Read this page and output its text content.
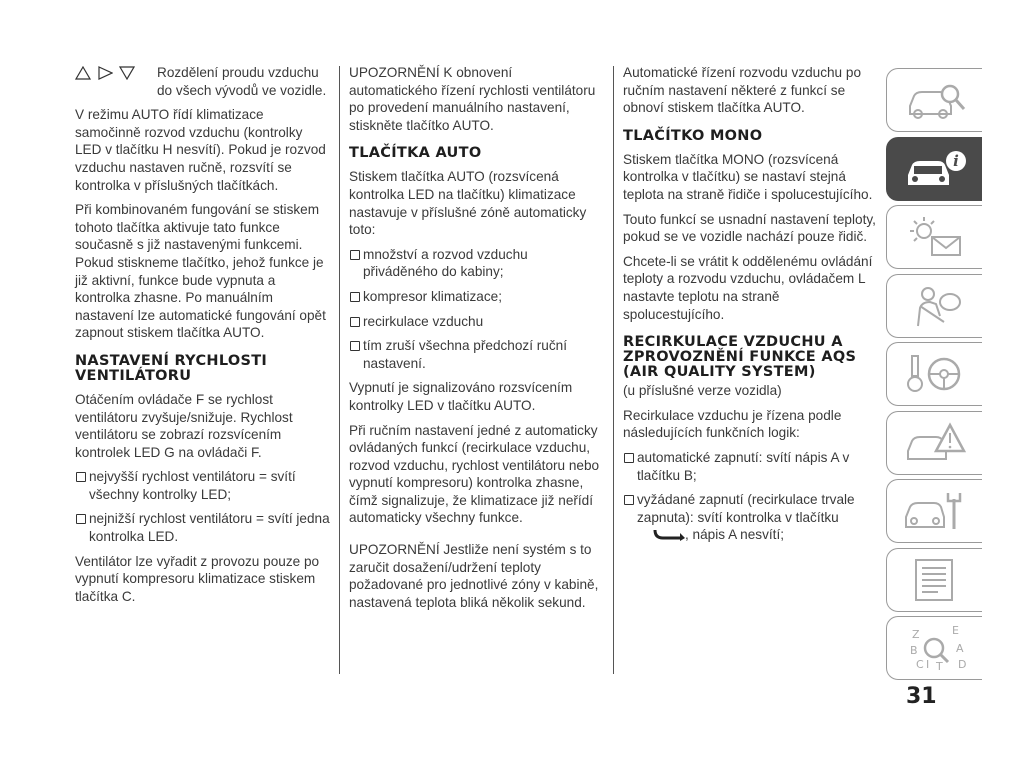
Rozdělení proudu vzduchu do všech vývodů ve vozidle.

V režimu AUTO řídí klimatizace samočinně rozvod vzduchu (kontrolky LED v tlačítku H nesvítí). Pokud je rozvod vzduchu nastaven ručně, rozsvítí se kontrolka v příslušných tlačítkách.

Při kombinovaném fungování se stiskem tohoto tlačítka aktivuje tato funkce současně s již nastavenými funkcemi. Pokud stiskneme tlačítko, jehož funkce je již aktivní, funkce bude vypnuta a kontrolka zhasne. Po manuálním nastavení lze automatické fungování opět zapnout stiskem tlačítka AUTO.

NASTAVENÍ RYCHLOSTI VENTILÁTORU

Otáčením ovládače F se rychlost ventilátoru zvyšuje/snižuje. Rychlost ventilátoru se zobrazí rozsvícením kontrolek LED G na ovládači F.

nejvyšší rychlost ventilátoru = svítí všechny kontrolky LED;
nejnižší rychlost ventilátoru = svítí jedna kontrolka LED.

Ventilátor lze vyřadit z provozu pouze po vypnutí kompresoru klimatizace stiskem tlačítka C.

UPOZORNĚNÍ K obnovení automatického řízení rychlosti ventilátoru po provedení manuálního nastavení, stiskněte tlačítko AUTO.

TLAČÍTKA AUTO

Stiskem tlačítka AUTO (rozsvícená kontrolka LED na tlačítku) klimatizace nastavuje v příslušné zóně automaticky toto:

množství a rozvod vzduchu přiváděného do kabiny;
kompresor klimatizace;
recirkulace vzduchu
tím zruší všechna předchozí ruční nastavení.

Vypnutí je signalizováno rozsvícením kontrolky LED v tlačítku AUTO.

Při ručním nastavení jedné z automaticky ovládaných funkcí (recirkulace vzduchu, rozvod vzduchu, rychlost ventilátoru nebo vypnutí kompresoru) kontrolka zhasne, čímž signalizuje, že klimatizace již neřídí automaticky všechny funkce.

UPOZORNĚNÍ Jestliže není systém s to zaručit dosažení/udržení teploty požadované pro jednotlivé zóny v kabině, nastavená teplota bliká několik sekund.

Automatické řízení rozvodu vzduchu po ručním nastavení některé z funkcí se obnoví stiskem tlačítka AUTO.

TLAČÍTKO MONO

Stiskem tlačítka MONO (rozsvícená kontrolka v tlačítku) se nastaví stejná teplota na straně řidiče i spolucestujícího.

Touto funkcí se usnadní nastavení teploty, pokud se ve vozidle nachází pouze řidič.

Chcete-li se vrátit k oddělenému ovládání teploty a rozvodu vzduchu, ovládačem L nastavte teplotu na straně spolucestujícího.

RECIRKULACE VZDUCHU A ZPROVOZNĚNÍ FUNKCE AQS (AIR QUALITY SYSTEM)
(u příslušné verze vozidla)

Recirkulace vzduchu je řízena podle následujících funkčních logik:

automatické zapnutí: svítí nápis A v tlačítku B;
vyžádané zapnutí (recirkulace trvale zapnuta): svítí kontrolka v tlačítku
, nápis A nesvítí;
i
Z	E
B	A
C T D
I
31
